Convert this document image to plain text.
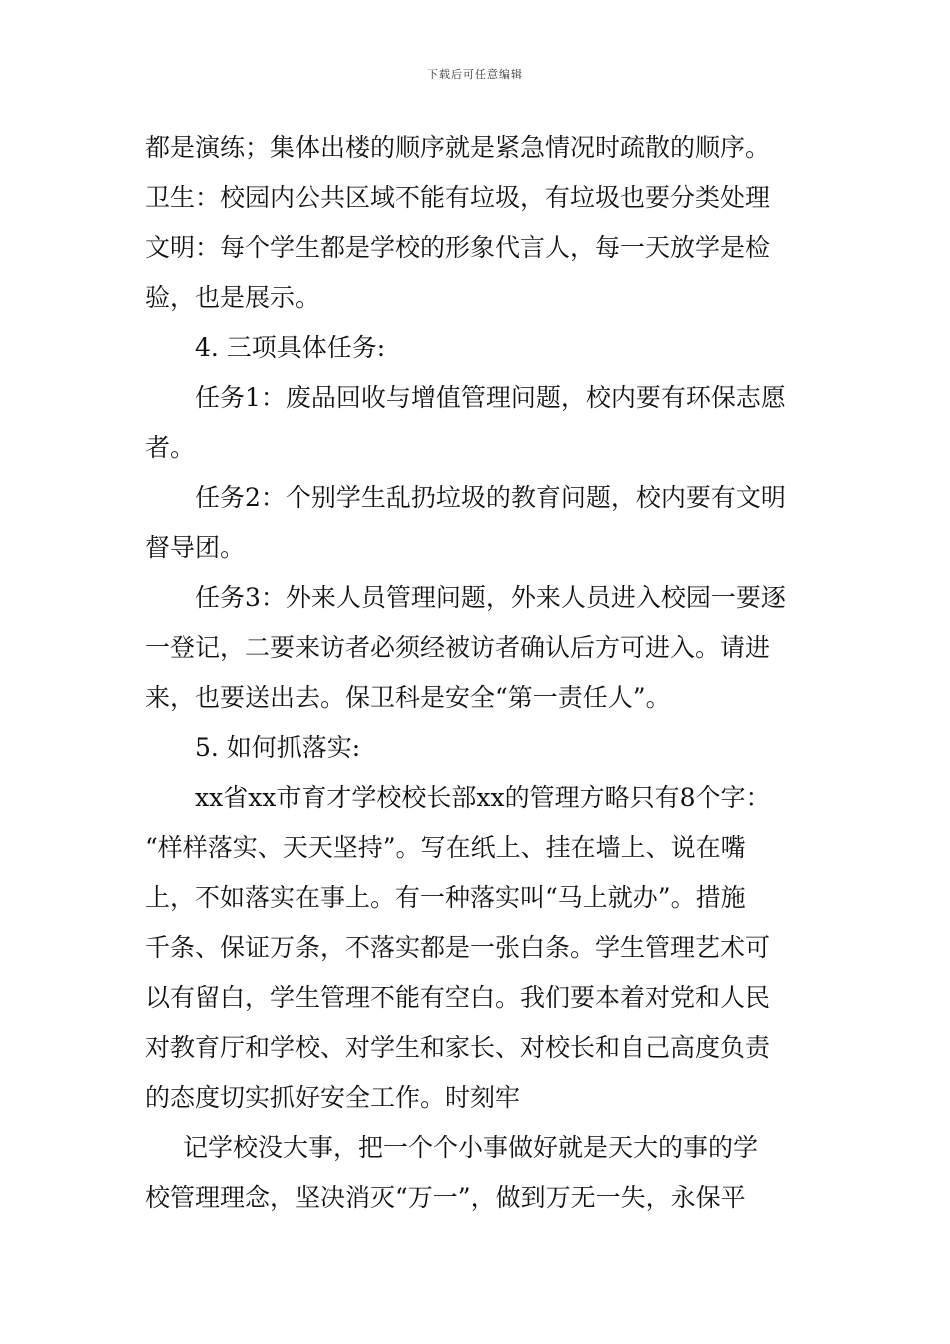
下载后可任意编辑
都是演练；集体出楼的顺序就是紧急情况时疏散的顺序。
卫生：校园内公共区域不能有垃圾，有垃圾也要分类处理
文明：每个学生都是学校的形象代言人，每一天放学是检
验，也是展示。
4. 三项具体任务:
任务1：废品回收与增值管理问题，校内要有环保志愿
者。
任务2：个别学生乱扔垃圾的教育问题，校内要有文明
督导团。
任务3：外来人员管理问题，外来人员进入校园一要逐
一登记，二要来访者必须经被访者确认后方可进入。请进
来，也要送出去。保卫科是安全“第一责任人”。
5. 如何抓落实:
xx省xx市育才学校校长部xx的管理方略只有8个字：
“样样落实、天天坚持”。写在纸上、挂在墙上、说在嘴
上，不如落实在事上。有一种落实叫“马上就办”。措施
千条、保证万条，不落实都是一张白条。学生管理艺术可
以有留白，学生管理不能有空白。我们要本着对党和人民
对教育厅和学校、对学生和家长、对校长和自己高度负责
的态度切实抓好安全工作。时刻牢
记学校没大事，把一个个小事做好就是天大的事的学
校管理理念，坚决消灭“万一”，做到万无一失，永保平
